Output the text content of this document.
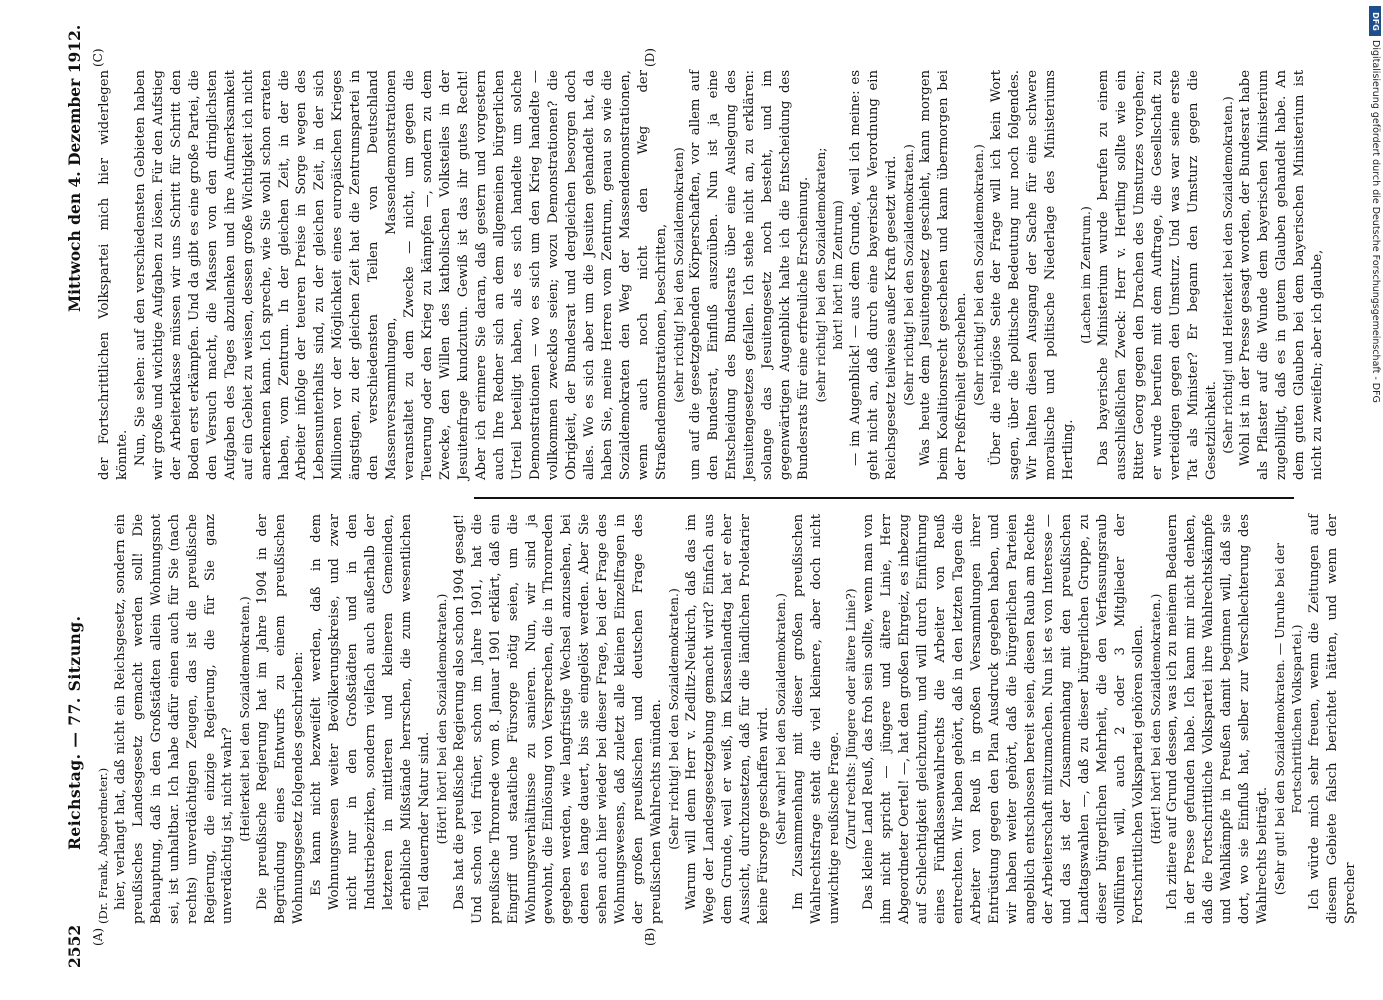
2552
Reichstag. — 77. Sitzung.
Mittwoch den 4. Dezember 1912.
(A)	(B)
(C)	(D)

(Dr. Frank, Abgeordneter.) hier, verlangt hat, daß nicht ein Reichsgesetz, sondern ein preußisches Landesgesetz gemacht werden soll! Die Behauptung, daß in den Großstädten allein Wohnungsnot sei, ist unhaltbar. Ich habe dafür einen auch für Sie (nach rechts) unverdächtigen Zeugen, das ist die preußische Regierung, die einzige Regierung, die für Sie ganz unverdächtig ist, nicht wahr? (Heiterkeit bei den Sozialdemokraten.) Die preußische Regierung hat im Jahre 1904 in der Begründung eines Entwurfs zu einem preußischen Wohnungsgesetz folgendes geschrieben: Es kann nicht bezweifelt werden, daß in dem Wohnungswesen weiter Bevölkerungskreise, und zwar nicht nur in den Großstädten und in den Industriebezirken, sondern vielfach auch außerhalb der letzteren in mittleren und kleineren Gemeinden, erhebliche Mißstände herrschen, die zum wesentlichen Teil dauernder Natur sind. (Hört! hört! bei den Sozialdemokraten.) Das hat die preußische Regierung also schon 1904 gesagt! Und schon viel früher, schon im Jahre 1901, hat die preußische Thronrede vom 8. Januar 1901 erklärt, daß ein Eingriff und staatliche Fürsorge nötig seien, um die Wohnungsverhältnisse zu sanieren. Nun, wir sind ja gewohnt, die Einlösung von Versprechen, die in Thronreden gegeben werden, wie langfristige Wechsel anzusehen, bei denen es lange dauert, bis sie eingelöst werden. Aber Sie sehen auch hier wieder bei dieser Frage, bei der Frage des Wohnungswesens, daß zuletzt alle kleinen Einzelfragen in der großen preußischen und deutschen Frage des preußischen Wahlrechts münden. (Sehr richtig! bei den Sozialdemokraten.) Warum will denn Herr v. Zedlitz-Neukirch, daß das im Wege der Landesgesetzgebung gemacht wird? Einfach aus dem Grunde, weil er weiß, im Klassenlandtag hat er eher Aussicht, durchzusetzen, daß für die ländlichen Proletarier keine Fürsorge geschaffen wird. (Sehr wahr! bei den Sozialdemokraten.) Im Zusammenhang mit dieser großen preußischen Wahlrechtsfrage steht die viel kleinere, aber doch nicht unwichtige reußische Frage. (Zuruf rechts: Jüngere oder ältere Linie?) Das kleine Land Reuß, das froh sein sollte, wenn man von ihm nicht spricht — jüngere und ältere Linie, Herr Abgeordneter Oertel! —, hat den großen Ehrgeiz, es inbezug auf Schlechtigkeit gleichzutun, und will durch Einführung eines Fünfklassenwahlrechts die Arbeiter von Reuß entrechten. Wir haben gehört, daß in den letzten Tagen die Arbeiter von Reuß in großen Versammlungen ihrer Entrüstung gegen den Plan Ausdruck gegeben haben, und wir haben weiter gehört, daß die bürgerlichen Parteien angeblich entschlossen bereit seien, diesen Raub am Rechte der Arbeiterschaft mitzumachen. Nun ist es von Interesse — und das ist der Zusammenhang mit den preußischen Landtagswahlen —, daß zu dieser bürgerlichen Gruppe, zu dieser bürgerlichen Mehrheit, die den Verfassungsraub vollführen will, auch 2 oder 3 Mitglieder der Fortschrittlichen Volkspartei gehören sollen. (Hört! hört! bei den Sozialdemokraten.) Ich zitiere auf Grund dessen, was ich zu meinem Bedauern in der Presse gefunden habe. Ich kann mir nicht denken, daß die Fortschrittliche Volkspartei ihre Wahlrechtskämpfe und Wahlkämpfe in Preußen damit beginnen will, daß sie dort, wo sie Einfluß hat, selber zur Verschlechterung des Wahlrechts beiträgt. (Sehr gut! bei den Sozialdemokraten. — Unruhe bei der Fortschrittlichen Volkspartei.) Ich würde mich sehr freuen, wenn die Zeitungen auf diesem Gebiete falsch berichtet hätten, und wenn der Sprecher

der Fortschrittlichen Volkspartei mich hier widerlegen könnte. Nun, Sie sehen: auf den verschiedensten Gebieten haben wir große und wichtige Aufgaben zu lösen. Für den Aufstieg der Arbeiterklasse müssen wir uns Schritt für Schritt den Boden erst erkämpfen. Und da gibt es eine große Partei, die den Versuch macht, die Massen von den dringlichsten Aufgaben des Tages abzulenken und ihre Aufmerksamkeit auf ein Gebiet zu weisen, dessen große Wichtigkeit ich nicht anerkennen kann. Ich spreche, wie Sie wohl schon erraten haben, vom Zentrum. In der gleichen Zeit, in der die Arbeiter infolge der teueren Preise in Sorge wegen des Lebensunterhalts sind, zu der gleichen Zeit, in der sich Millionen vor der Möglichkeit eines europäischen Krieges ängstigen, zu der gleichen Zeit hat die Zentrumspartei in den verschiedensten Teilen von Deutschland Massenversammlungen, Massendemonstrationen veranstaltet zu dem Zwecke — nicht, um gegen die Teuerung oder den Krieg zu kämpfen —, sondern zu dem Zwecke, den Willen des katholischen Volksteiles in der Jesuitenfrage kundzutun. Gewiß ist das ihr gutes Recht! Aber ich erinnere Sie daran, daß gestern und vorgestern auch Ihre Redner sich an dem allgemeinen bürgerlichen Urteil beteiligt haben, als es sich handelte um solche Demonstrationen — wo es sich um den Krieg handelte — vollkommen zwecklos seien; wozu Demonstrationen? die Obrigkeit, der Bundesrat und dergleichen besorgen doch alles. Wo es sich aber um die Jesuiten gehandelt hat, da haben Sie, meine Herren vom Zentrum, genau so wie die Sozialdemokraten den Weg der Massendemonstrationen, wenn auch noch nicht den Weg der Straßendemonstrationen, beschritten, (sehr richtig! bei den Sozialdemokraten) um auf die gesetzgebenden Körperschaften, vor allem auf den Bundesrat, Einfluß auszuüben. Nun ist ja eine Entscheidung des Bundesrats über eine Auslegung des Jesuitengesetzes gefallen. Ich stehe nicht an, zu erklären: solange das Jesuitengesetz noch besteht, und im gegenwärtigen Augenblick halte ich die Entscheidung des Bundesrats für eine erfreuliche Erscheinung. (sehr richtig! bei den Sozialdemokraten; hört! hört! im Zentrum) — im Augenblick! — aus dem Grunde, weil ich meine: es geht nicht an, daß durch eine bayerische Verordnung ein Reichsgesetz teilweise außer Kraft gesetzt wird. (Sehr richtig! bei den Sozialdemokraten.) Was heute dem Jesuitengesetz geschieht, kann morgen beim Koalitionsrecht geschehen und kann übermorgen bei der Preßfreiheit geschehen. (Sehr richtig! bei den Sozialdemokraten.) Über die religiöse Seite der Frage will ich kein Wort sagen, über die politische Bedeutung nur noch folgendes. Wir halten diesen Ausgang der Sache für eine schwere moralische und politische Niederlage des Ministeriums Hertling.

(Lachen im Zentrum.) Das bayerische Ministerium wurde berufen zu einem ausschließlichen Zweck: Herr v. Hertling sollte wie ein Ritter Georg gegen den Drachen des Umsturzes vorgehen; er wurde berufen mit dem Auftrage, die Gesellschaft zu verteidigen gegen den Umsturz. Und was war seine erste Tat als Minister? Er begann den Umsturz gegen die Gesetzlichkeit. (Sehr richtig! und Heiterkeit bei den Sozialdemokraten.) Wohl ist in der Presse gesagt worden, der Bundesrat habe als Pflaster auf die Wunde dem bayerischen Ministerium zugebilligt, daß es in gutem Glauben gehandelt habe. An dem guten Glauben bei dem bayerischen Ministerium ist nicht zu zweifeln; aber ich glaube,

DFG
Digitalisierung gefördert durch die Deutsche Forschungsgemeinschaft - DFG
